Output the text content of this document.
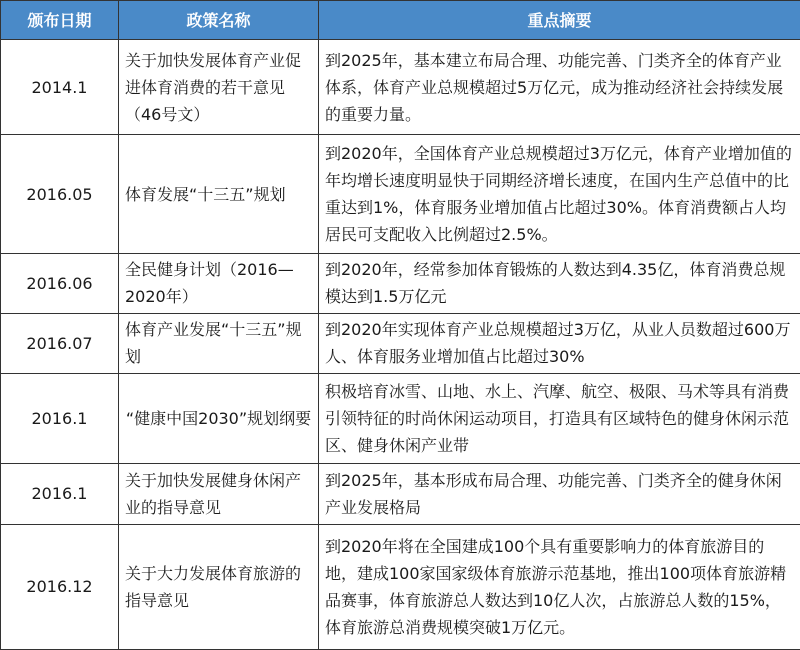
颁布日期	政策名称	重点摘要
2014.1	关于加快发展体育产业促进体育消费的若干意见（46号文）	到2025年，基本建立布局合理、功能完善、门类齐全的体育产业体系，体育产业总规模超过5万亿元，成为推动经济社会持续发展的重要力量。
2016.05	体育发展“十三五”规划	到2020年，全国体育产业总规模超过3万亿元，体育产业增加值的年均增长速度明显快于同期经济增长速度，在国内生产总值中的比重达到1%，体育服务业增加值占比超过30%。体育消费额占人均居民可支配收入比例超过2.5%。
2016.06	全民健身计划（2016—2020年）	到2020年，经常参加体育锻炼的人数达到4.35亿，体育消费总规模达到1.5万亿元
2016.07	体育产业发展“十三五”规划	到2020年实现体育产业总规模超过3万亿，从业人员数超过600万人、体育服务业增加值占比超过30%
2016.1	“健康中国2030”规划纲要	积极培育冰雪、山地、水上、汽摩、航空、极限、马术等具有消费引领特征的时尚休闲运动项目，打造具有区域特色的健身休闲示范区、健身休闲产业带
2016.1	关于加快发展健身休闲产业的指导意见	到2025年，基本形成布局合理、功能完善、门类齐全的健身休闲产业发展格局
2016.12	关于大力发展体育旅游的指导意见	到2020年将在全国建成100个具有重要影响力的体育旅游目的地，建成100家国家级体育旅游示范基地，推出100项体育旅游精品赛事，体育旅游总人数达到10亿人次，占旅游总人数的15%，体育旅游总消费规模突破1万亿元。
